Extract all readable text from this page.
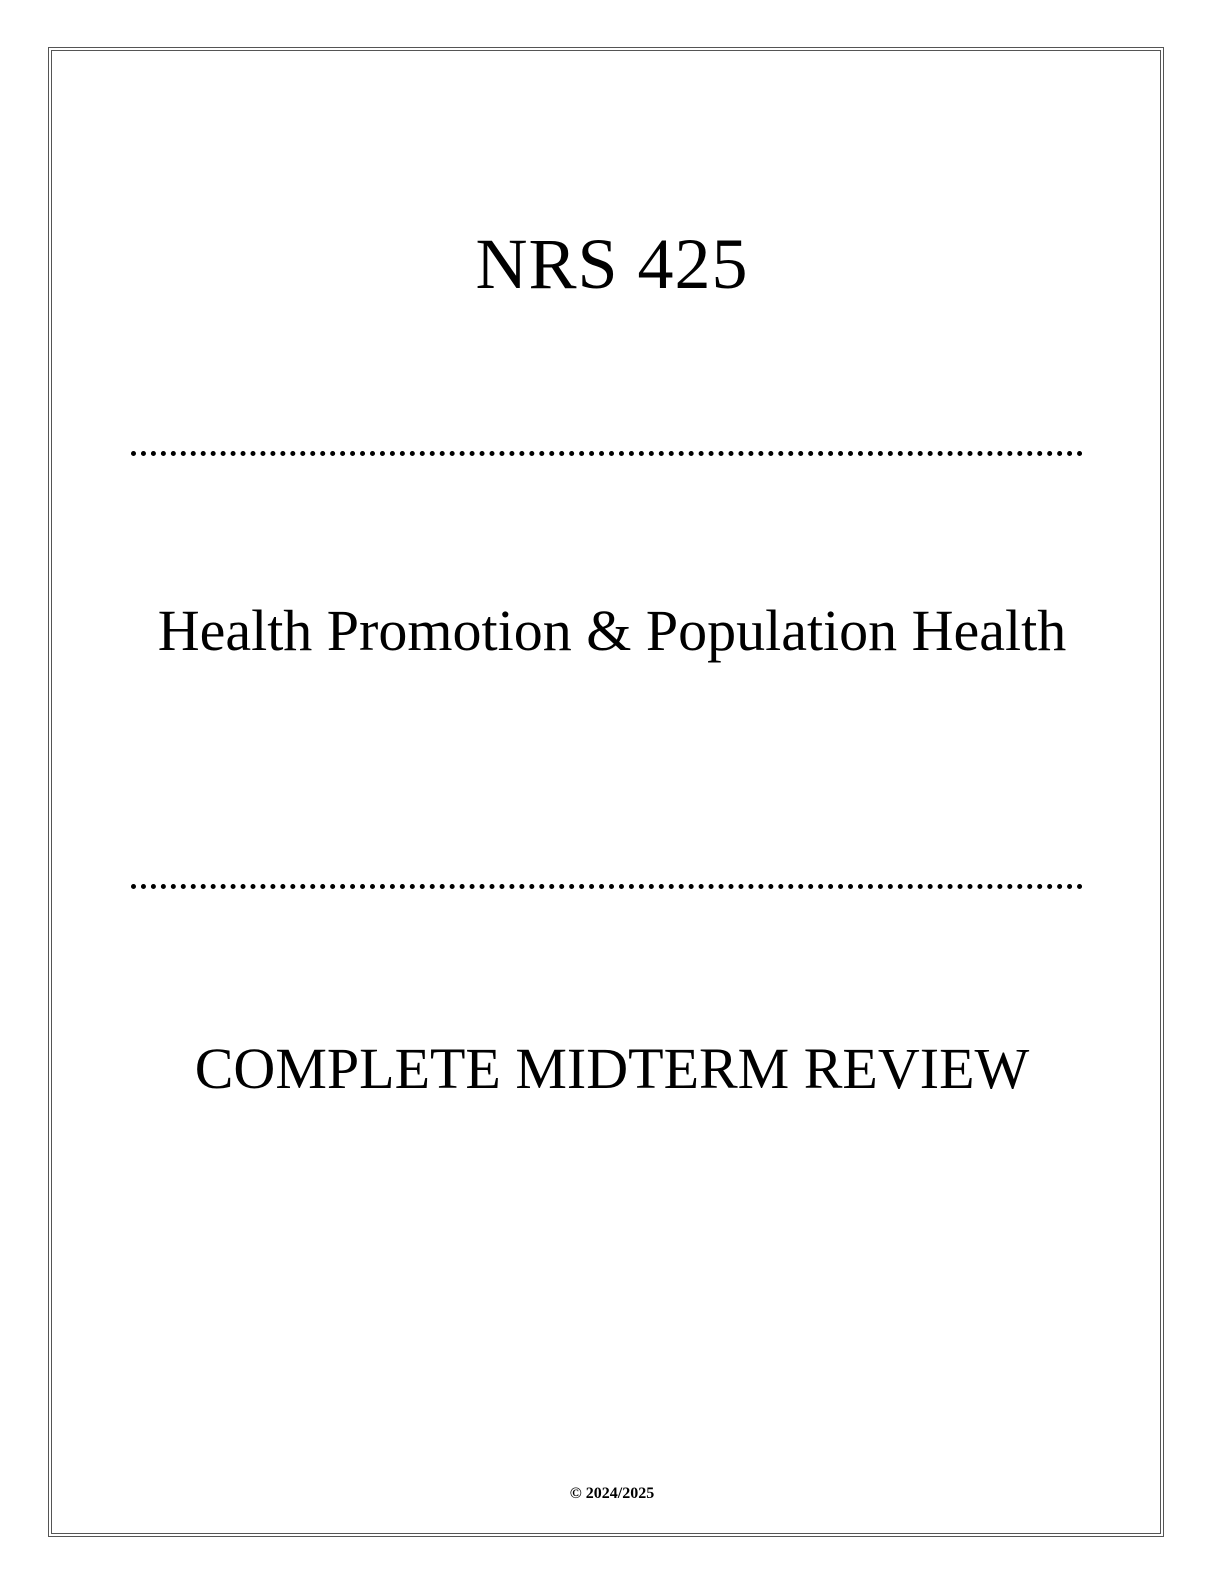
NRS 425
Health Promotion & Population Health
COMPLETE MIDTERM REVIEW
© 2024/2025
